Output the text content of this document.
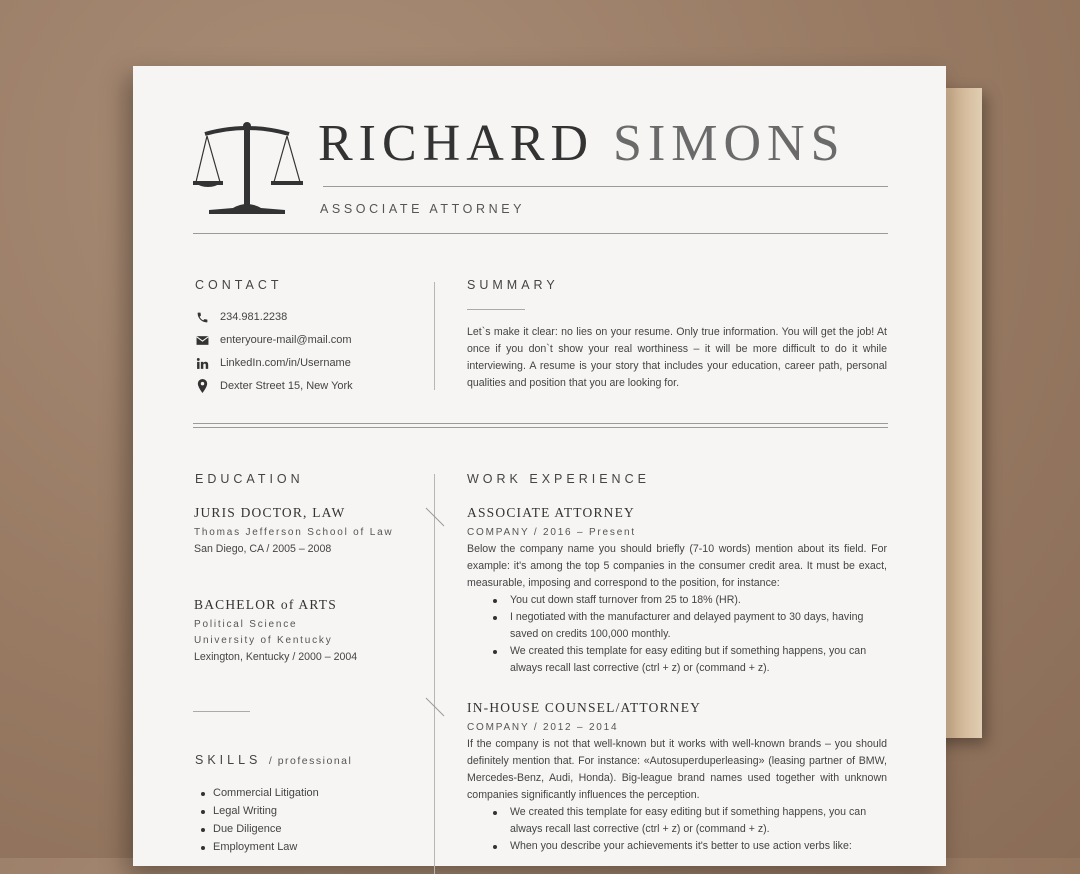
RICHARD SIMONS
ASSOCIATE ATTORNEY
CONTACT
234.981.2238
enteryoure-mail@mail.com
LinkedIn.com/in/Username
Dexter Street 15, New York
SUMMARY
Let`s make it clear: no lies on your resume. Only true information. You will get the job! At once if you don`t show your real worthiness – it will be more difficult to do it while interviewing. A resume is your story that includes your education, career path, personal qualities and position that you are looking for.
EDUCATION
JURIS DOCTOR, LAW
Thomas Jefferson School of Law
San Diego, CA / 2005 – 2008
BACHELOR of ARTS
Political Science
University of Kentucky
Lexington, Kentucky / 2000 – 2004
SKILLS / professional
Commercial Litigation
Legal Writing
Due Diligence
Employment Law
WORK EXPERIENCE
ASSOCIATE ATTORNEY
COMPANY / 2016 – Present
Below the company name you should briefly (7-10 words) mention about its field. For example: it's among the top 5 companies in the consumer credit area. It must be exact, measurable, imposing and correspond to the position, for instance:
You cut down staff turnover from 25 to 18% (HR).
I negotiated with the manufacturer and delayed payment to 30 days, having saved on credits 100,000 monthly.
We created this template for easy editing but if something happens, you can always recall last corrective (ctrl + z) or (command + z).
IN-HOUSE COUNSEL/ATTORNEY
COMPANY / 2012 – 2014
If the company is not that well-known but it works with well-known brands – you should definitely mention that. For instance: «Autosuperduperleasing» (leasing partner of BMW, Mercedes-Benz, Audi, Honda). Big-league brand names used together with unknown companies significantly influences the perception.
We created this template for easy editing but if something happens, you can always recall last corrective (ctrl + z) or (command + z).
When you describe your achievements it's better to use action verbs like:
